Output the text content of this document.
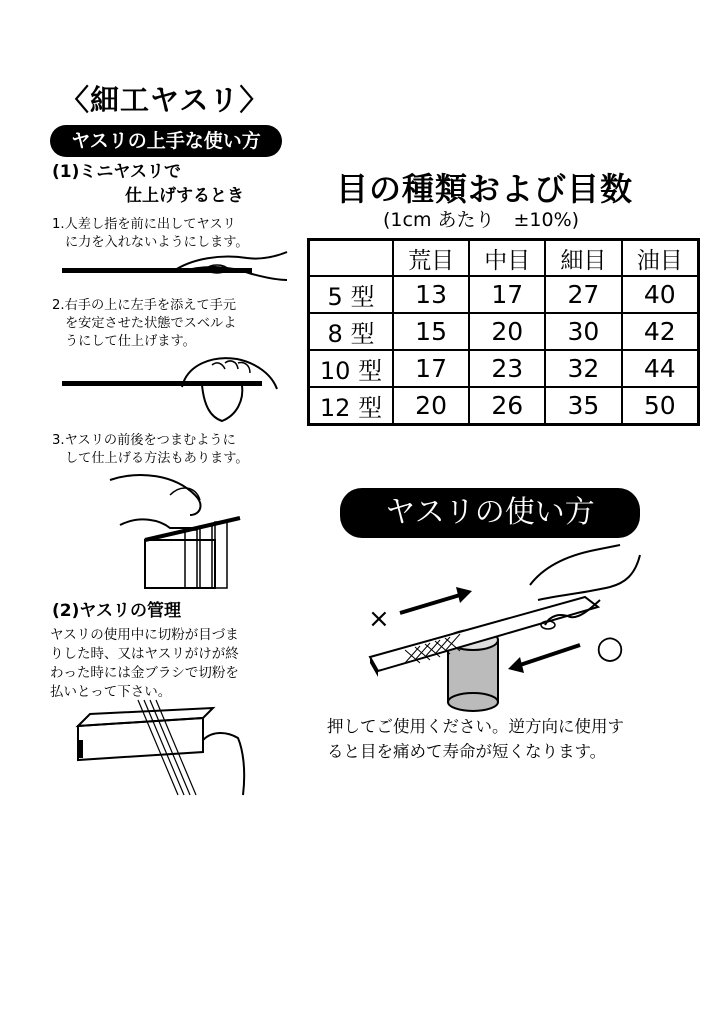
〈細工ヤスリ〉
ヤスリの上手な使い方
(1)ミニヤスリで
仕上げするとき
1.人差し指を前に出してヤスリ
に力を入れないようにします。
2.右手の上に左手を添えて手元
を安定させた状態でスベルよ
うにして仕上げます。
3.ヤスリの前後をつまむように
して仕上げる方法もあります。
(2)ヤスリの管理
ヤスリの使用中に切粉が目づま
りした時、又はヤスリがけが終
わった時には金ブラシで切粉を
払いとって下さい。
目の種類および目数
(1cm あたり　±10%)
	荒目	中目	細目	油目
5 型	13	17	27	40
8 型	15	20	30	42
10 型	17	23	32	44
12 型	20	26	35	50
ヤスリの使い方
×
○
押してご使用ください。逆方向に使用す
ると目を痛めて寿命が短くなります。
